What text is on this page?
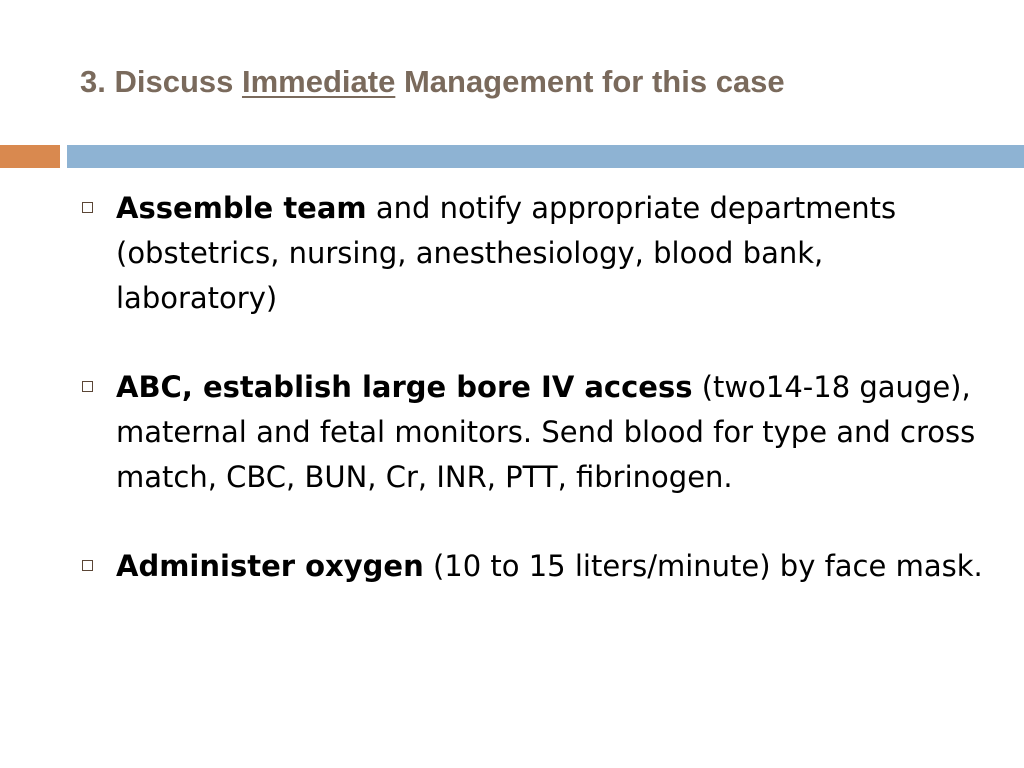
3. Discuss Immediate Management for this case
Assemble team and notify appropriate departments (obstetrics, nursing, anesthesiology, blood bank, laboratory)
ABC, establish large bore IV access (two14-18 gauge), maternal and fetal monitors. Send blood for type and cross match, CBC, BUN, Cr, INR, PTT, fibrinogen.
Administer oxygen (10 to 15 liters/minute) by face mask.
